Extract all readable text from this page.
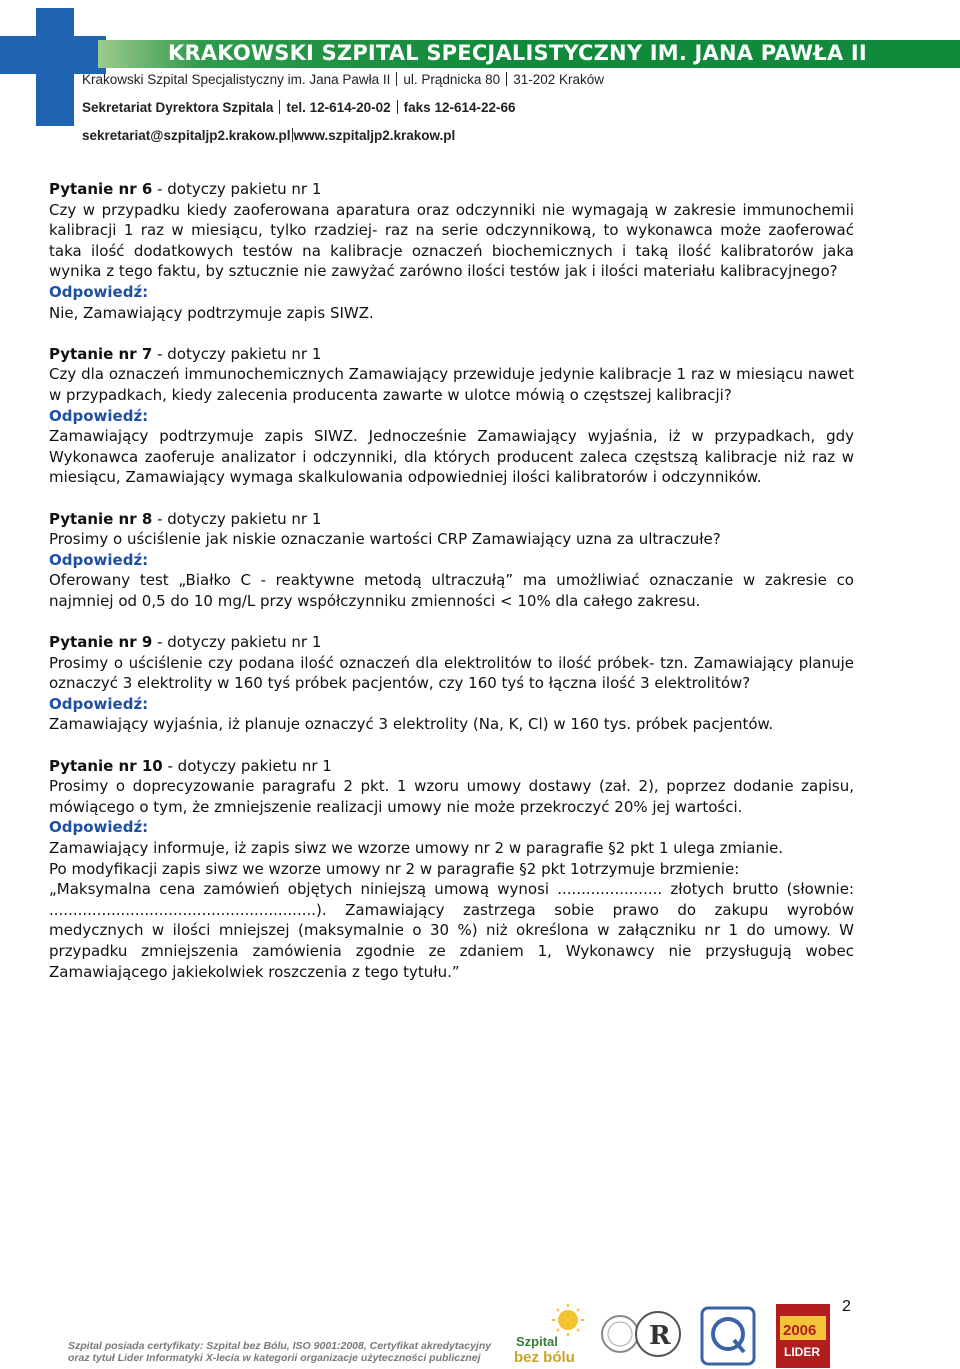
KRAKOWSKI SZPITAL SPECJALISTYCZNY IM. JANA PAWŁA II
Krakowski Szpital Specjalistyczny im. Jana Pawła II ul. Prądnicka 80 31-202 Kraków
Sekretariat Dyrektora Szpitala tel. 12-614-20-02 faks 12-614-22-66
sekretariat@szpitaljp2.krakow.pl www.szpitaljp2.krakow.pl
Pytanie nr 6 - dotyczy pakietu nr 1
Czy w przypadku kiedy zaoferowana aparatura oraz odczynniki nie wymagają w zakresie immunochemii kalibracji 1 raz w miesiącu, tylko rzadziej- raz na serie odczynnikową, to wykonawca może zaoferować taka ilość dodatkowych testów na kalibracje oznaczeń biochemicznych i taką ilość kalibratorów jaka wynika z tego faktu, by sztucznie nie zawyżać zarówno ilości testów jak i ilości materiału kalibracyjnego?
Odpowiedź:
Nie, Zamawiający podtrzymuje zapis SIWZ.
Pytanie nr 7 - dotyczy pakietu nr 1
Czy dla oznaczeń immunochemicznych Zamawiający przewiduje jedynie kalibracje 1 raz w miesiącu nawet w przypadkach, kiedy zalecenia producenta zawarte w ulotce mówią o częstszej kalibracji?
Odpowiedź:
Zamawiający podtrzymuje zapis SIWZ. Jednocześnie Zamawiający wyjaśnia, iż w przypadkach, gdy Wykonawca zaoferuje analizator i odczynniki, dla których producent zaleca częstszą kalibracje niż raz w miesiącu, Zamawiający wymaga skalkulowania odpowiedniej ilości kalibratorów i odczynników.
Pytanie nr 8 - dotyczy pakietu nr 1
Prosimy o uściślenie jak niskie oznaczanie wartości CRP Zamawiający uzna za ultraczułe?
Odpowiedź:
Oferowany test „Białko C - reaktywne metodą ultraczułą” ma umożliwiać oznaczanie w zakresie co najmniej od 0,5 do 10 mg/L przy współczynniku zmienności < 10% dla całego zakresu.
Pytanie nr 9 - dotyczy pakietu nr 1
Prosimy o uściślenie czy podana ilość oznaczeń dla elektrolitów to ilość próbek- tzn. Zamawiający planuje oznaczyć 3 elektrolity w 160 tyś próbek pacjentów, czy 160 tyś to łączna ilość 3 elektrolitów?
Odpowiedź:
Zamawiający wyjaśnia, iż planuje oznaczyć 3 elektrolity (Na, K, Cl) w 160 tys. próbek pacjentów.
Pytanie nr 10 - dotyczy pakietu nr 1
Prosimy o doprecyzowanie paragrafu 2 pkt. 1 wzoru umowy dostawy (zał. 2), poprzez dodanie zapisu, mówiącego o tym, że zmniejszenie realizacji umowy nie może przekroczyć 20% jej wartości.
Odpowiedź:
Zamawiający informuje, iż zapis siwz we wzorze umowy nr 2 w paragrafie §2 pkt 1 ulega zmianie.
Po modyfikacji zapis siwz we wzorze umowy nr 2 w paragrafie §2 pkt 1otrzymuje brzmienie:
„Maksymalna cena zamówień objętych niniejszą umową wynosi ...................... złotych brutto (słownie: ........................................................). Zamawiający zastrzega sobie prawo do zakupu wyrobów medycznych w ilości mniejszej (maksymalnie o 30 %) niż określona w załączniku nr 1 do umowy. W przypadku zmniejszenia zamówienia zgodnie ze zdaniem 1, Wykonawcy nie przysługują wobec Zamawiającego jakiekolwiek roszczenia z tego tytułu.”
2
Szpital posiada certyfikaty: Szpital bez Bólu, ISO 9001:2008, Certyfikat akredytacyjny oraz tytuł Lider Informatyki X-lecia w kategorii organizacje użyteczności publicznej
Szpital
bez bólu
R	2006
LIDER
